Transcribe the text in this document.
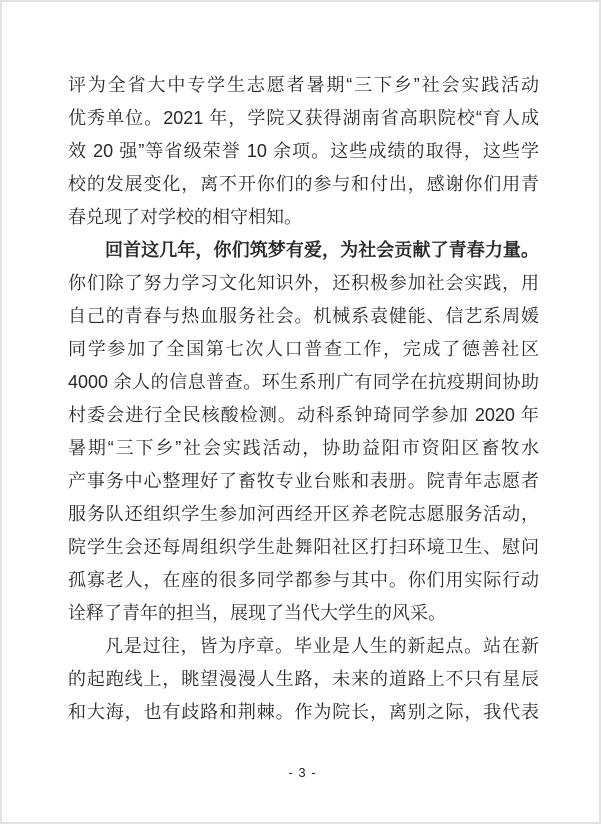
评为全省大中专学生志愿者暑期“三下乡”社会实践活动
优秀单位。2021 年，学院又获得湖南省高职院校“育人成
效 20 强”等省级荣誉 10 余项。这些成绩的取得，这些学
校的发展变化，离不开你们的参与和付出，感谢你们用青
春兑现了对学校的相守相知。
回首这几年，你们筑梦有爱，为社会贡献了青春力量。
你们除了努力学习文化知识外，还积极参加社会实践，用
自己的青春与热血服务社会。机械系袁健能、信艺系周媛
同学参加了全国第七次人口普查工作，完成了德善社区
4000 余人的信息普查。环生系刑广有同学在抗疫期间协助
村委会进行全民核酸检测。动科系钟琦同学参加 2020 年
暑期“三下乡”社会实践活动，协助益阳市资阳区畜牧水
产事务中心整理好了畜牧专业台账和表册。院青年志愿者
服务队还组织学生参加河西经开区养老院志愿服务活动，
院学生会还每周组织学生赴舞阳社区打扫环境卫生、慰问
孤寡老人，在座的很多同学都参与其中。你们用实际行动
诠释了青年的担当，展现了当代大学生的风采。
凡是过往，皆为序章。毕业是人生的新起点。站在新
的起跑线上，眺望漫漫人生路，未来的道路上不只有星辰
和大海，也有歧路和荆棘。作为院长，离别之际，我代表
- 3 -
